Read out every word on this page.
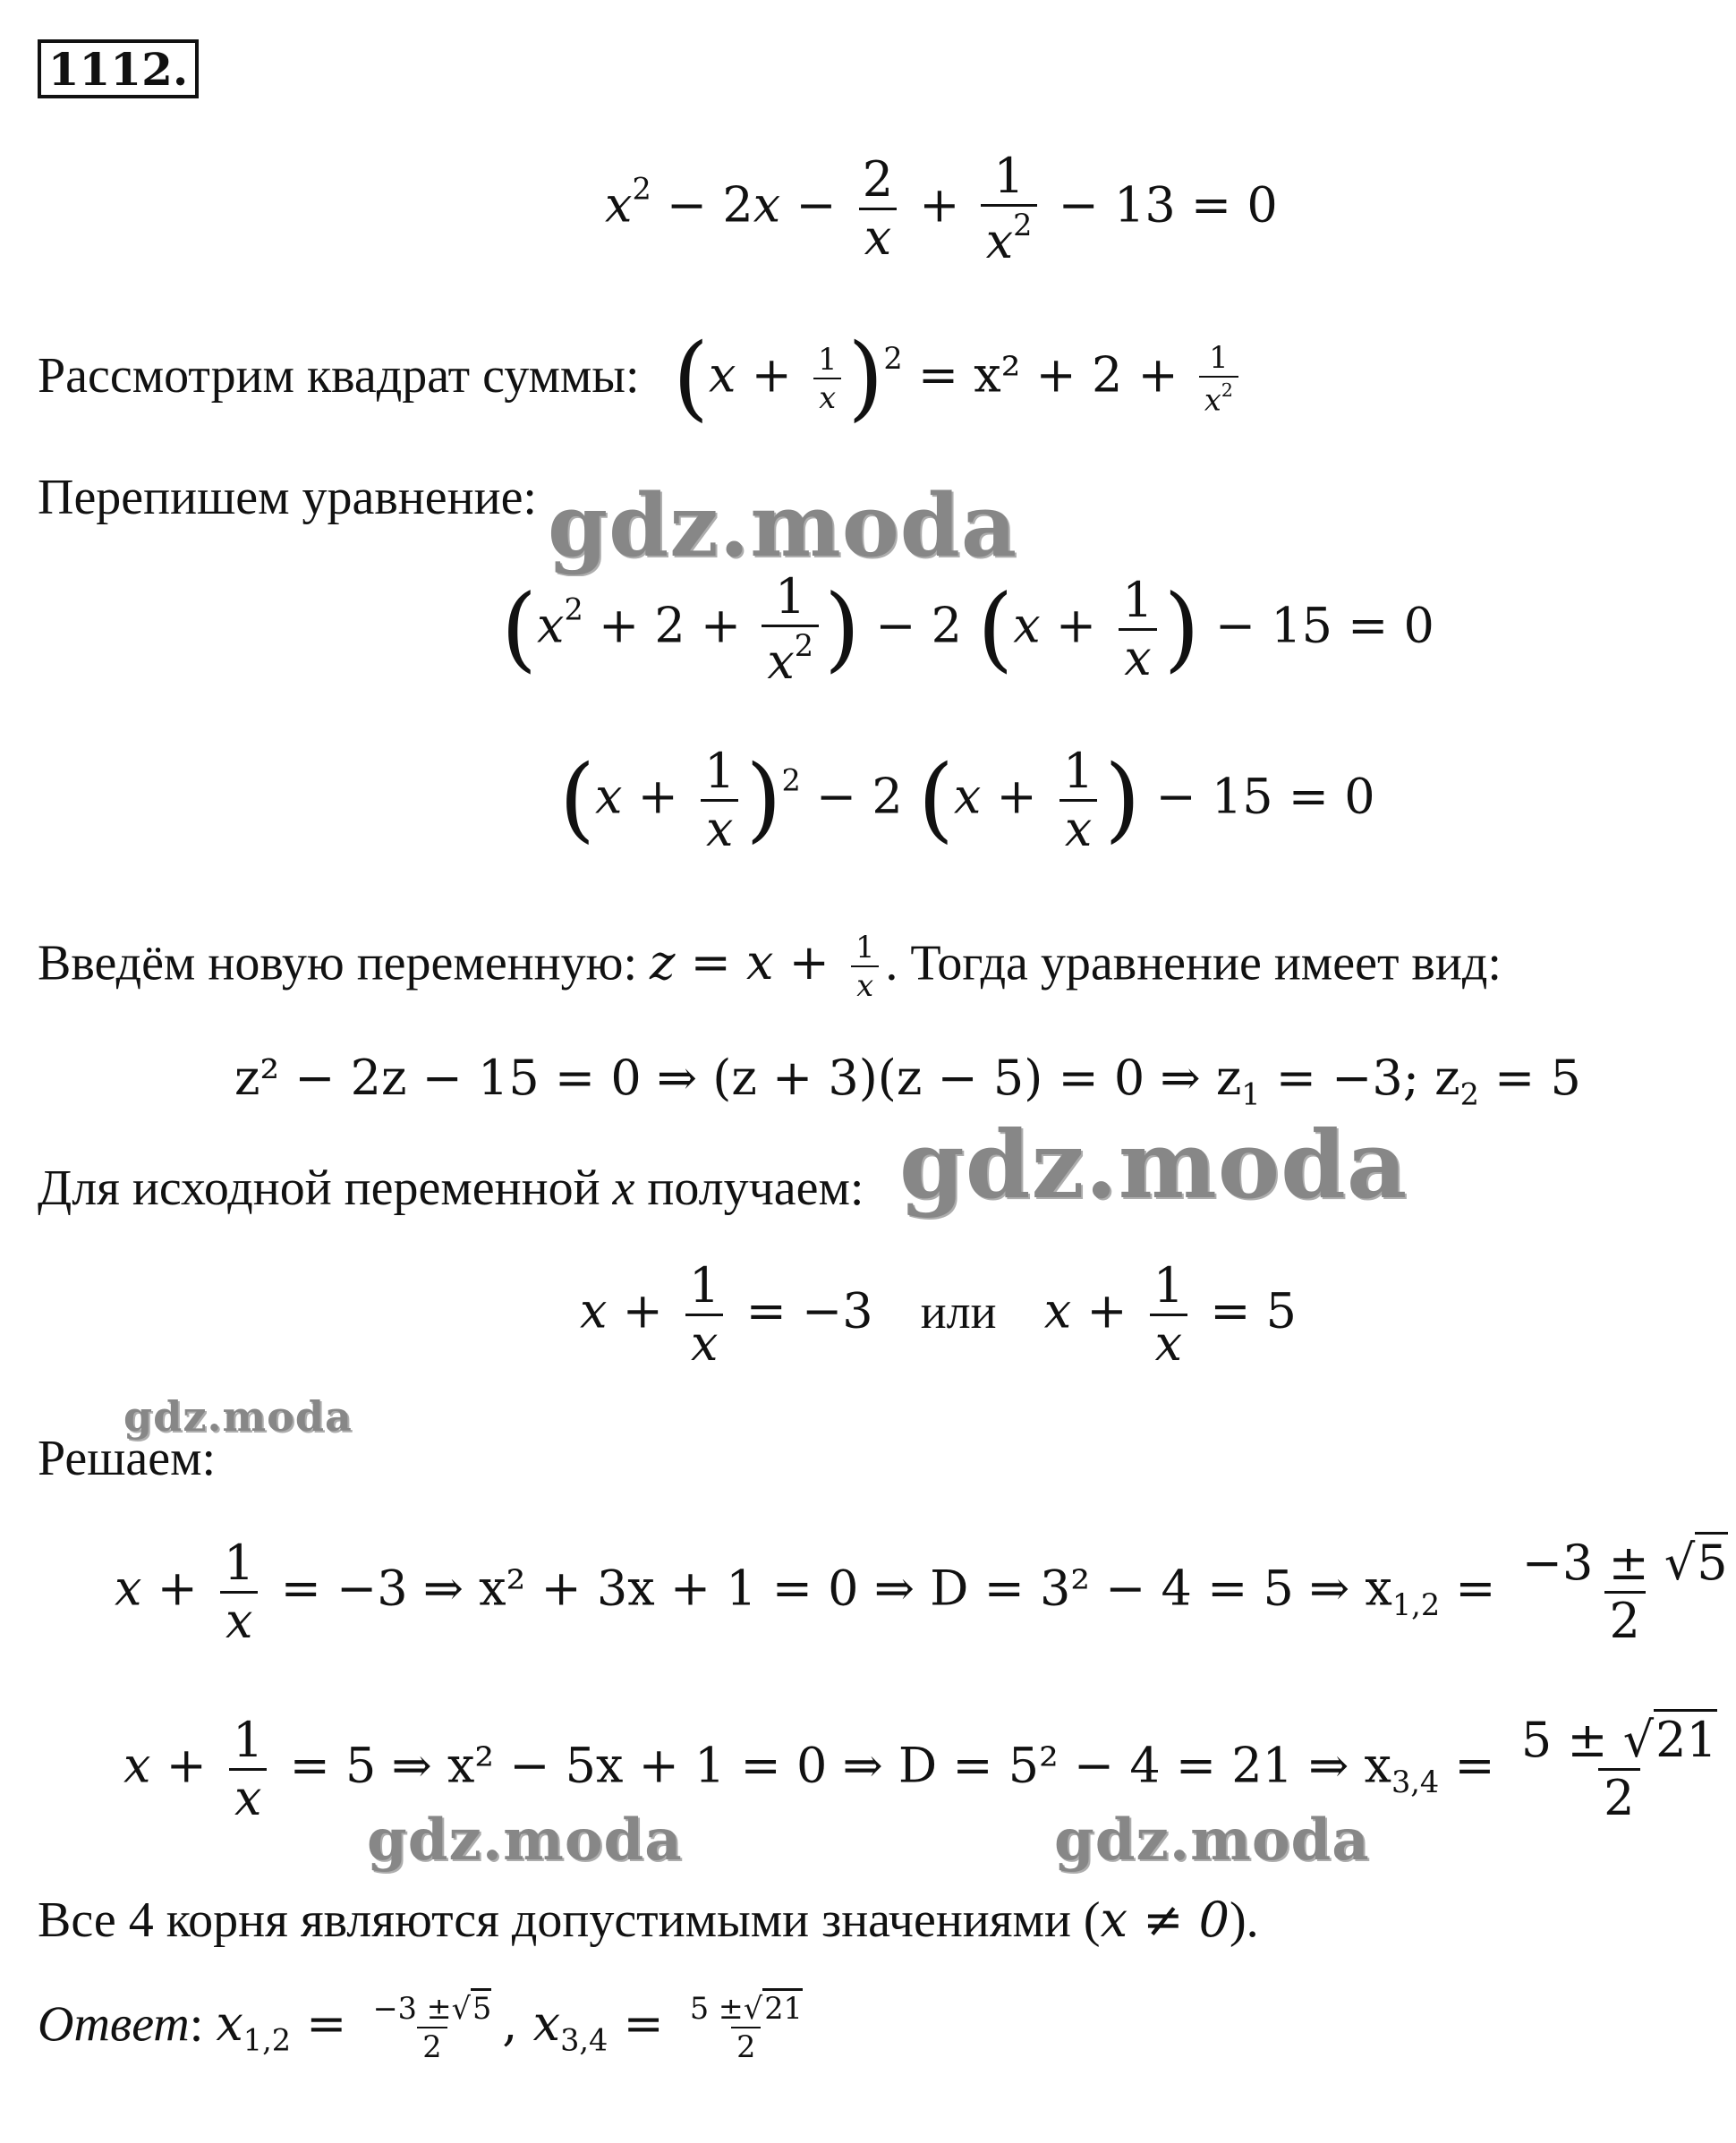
1112.
$x^2 - 2x - \frac{2}{x} + \frac{1}{x^2} - 13 = 0$
Рассмотрим квадрат суммы: $(x + \frac{1}{x} )^2 = x^2 + 2 + \frac{1}{x^2}$
Перепишем уравнение:
($x^2 + 2 + \frac{1}{x^2}$ ) − 2 ($x + \frac{1}{x}$ ) − 15 = 0
$(x + \frac{1}{x} )^2 - 2$ ($x + \frac{1}{x}$ ) − 15 = 0
Введём новую переменную: $z = x + \frac{1}{x}$ . Тогда уравнение имеет вид:
z² − 2z − 15 = 0 ⇒ (z + 3)(z − 5) = 0 ⇒ $z_1 = -3$; $z_2 = 5$
Для исходной переменной x получаем:
$x + \frac{1}{x} = -3$ или $x + \frac{1}{x} = 5$
Решаем:
$x + \frac{1}{x} = -3$ ⇒ x² + 3x + 1 = 0 ⇒ D = 3² − 4 = 5 ⇒ $x_{1,2} = \frac{-3 \pm √5}{2}$
$x + \frac{1}{x} = 5$ ⇒ x² − 5x + 1 = 0 ⇒ D = 5² − 4 = 21 ⇒ $x_{3,4} = \frac{5 \pm √21}{2}$
Все 4 корня являются допустимыми значениями (x ≠ 0).
Ответ: $x_{1,2} = \frac{-3 \pm√5}{2}$ , $x_{3,4} = \frac{5 \pm√21}{2}$
gdz.moda
gdz.moda
gdz.moda
gdz.moda	gdz.moda
